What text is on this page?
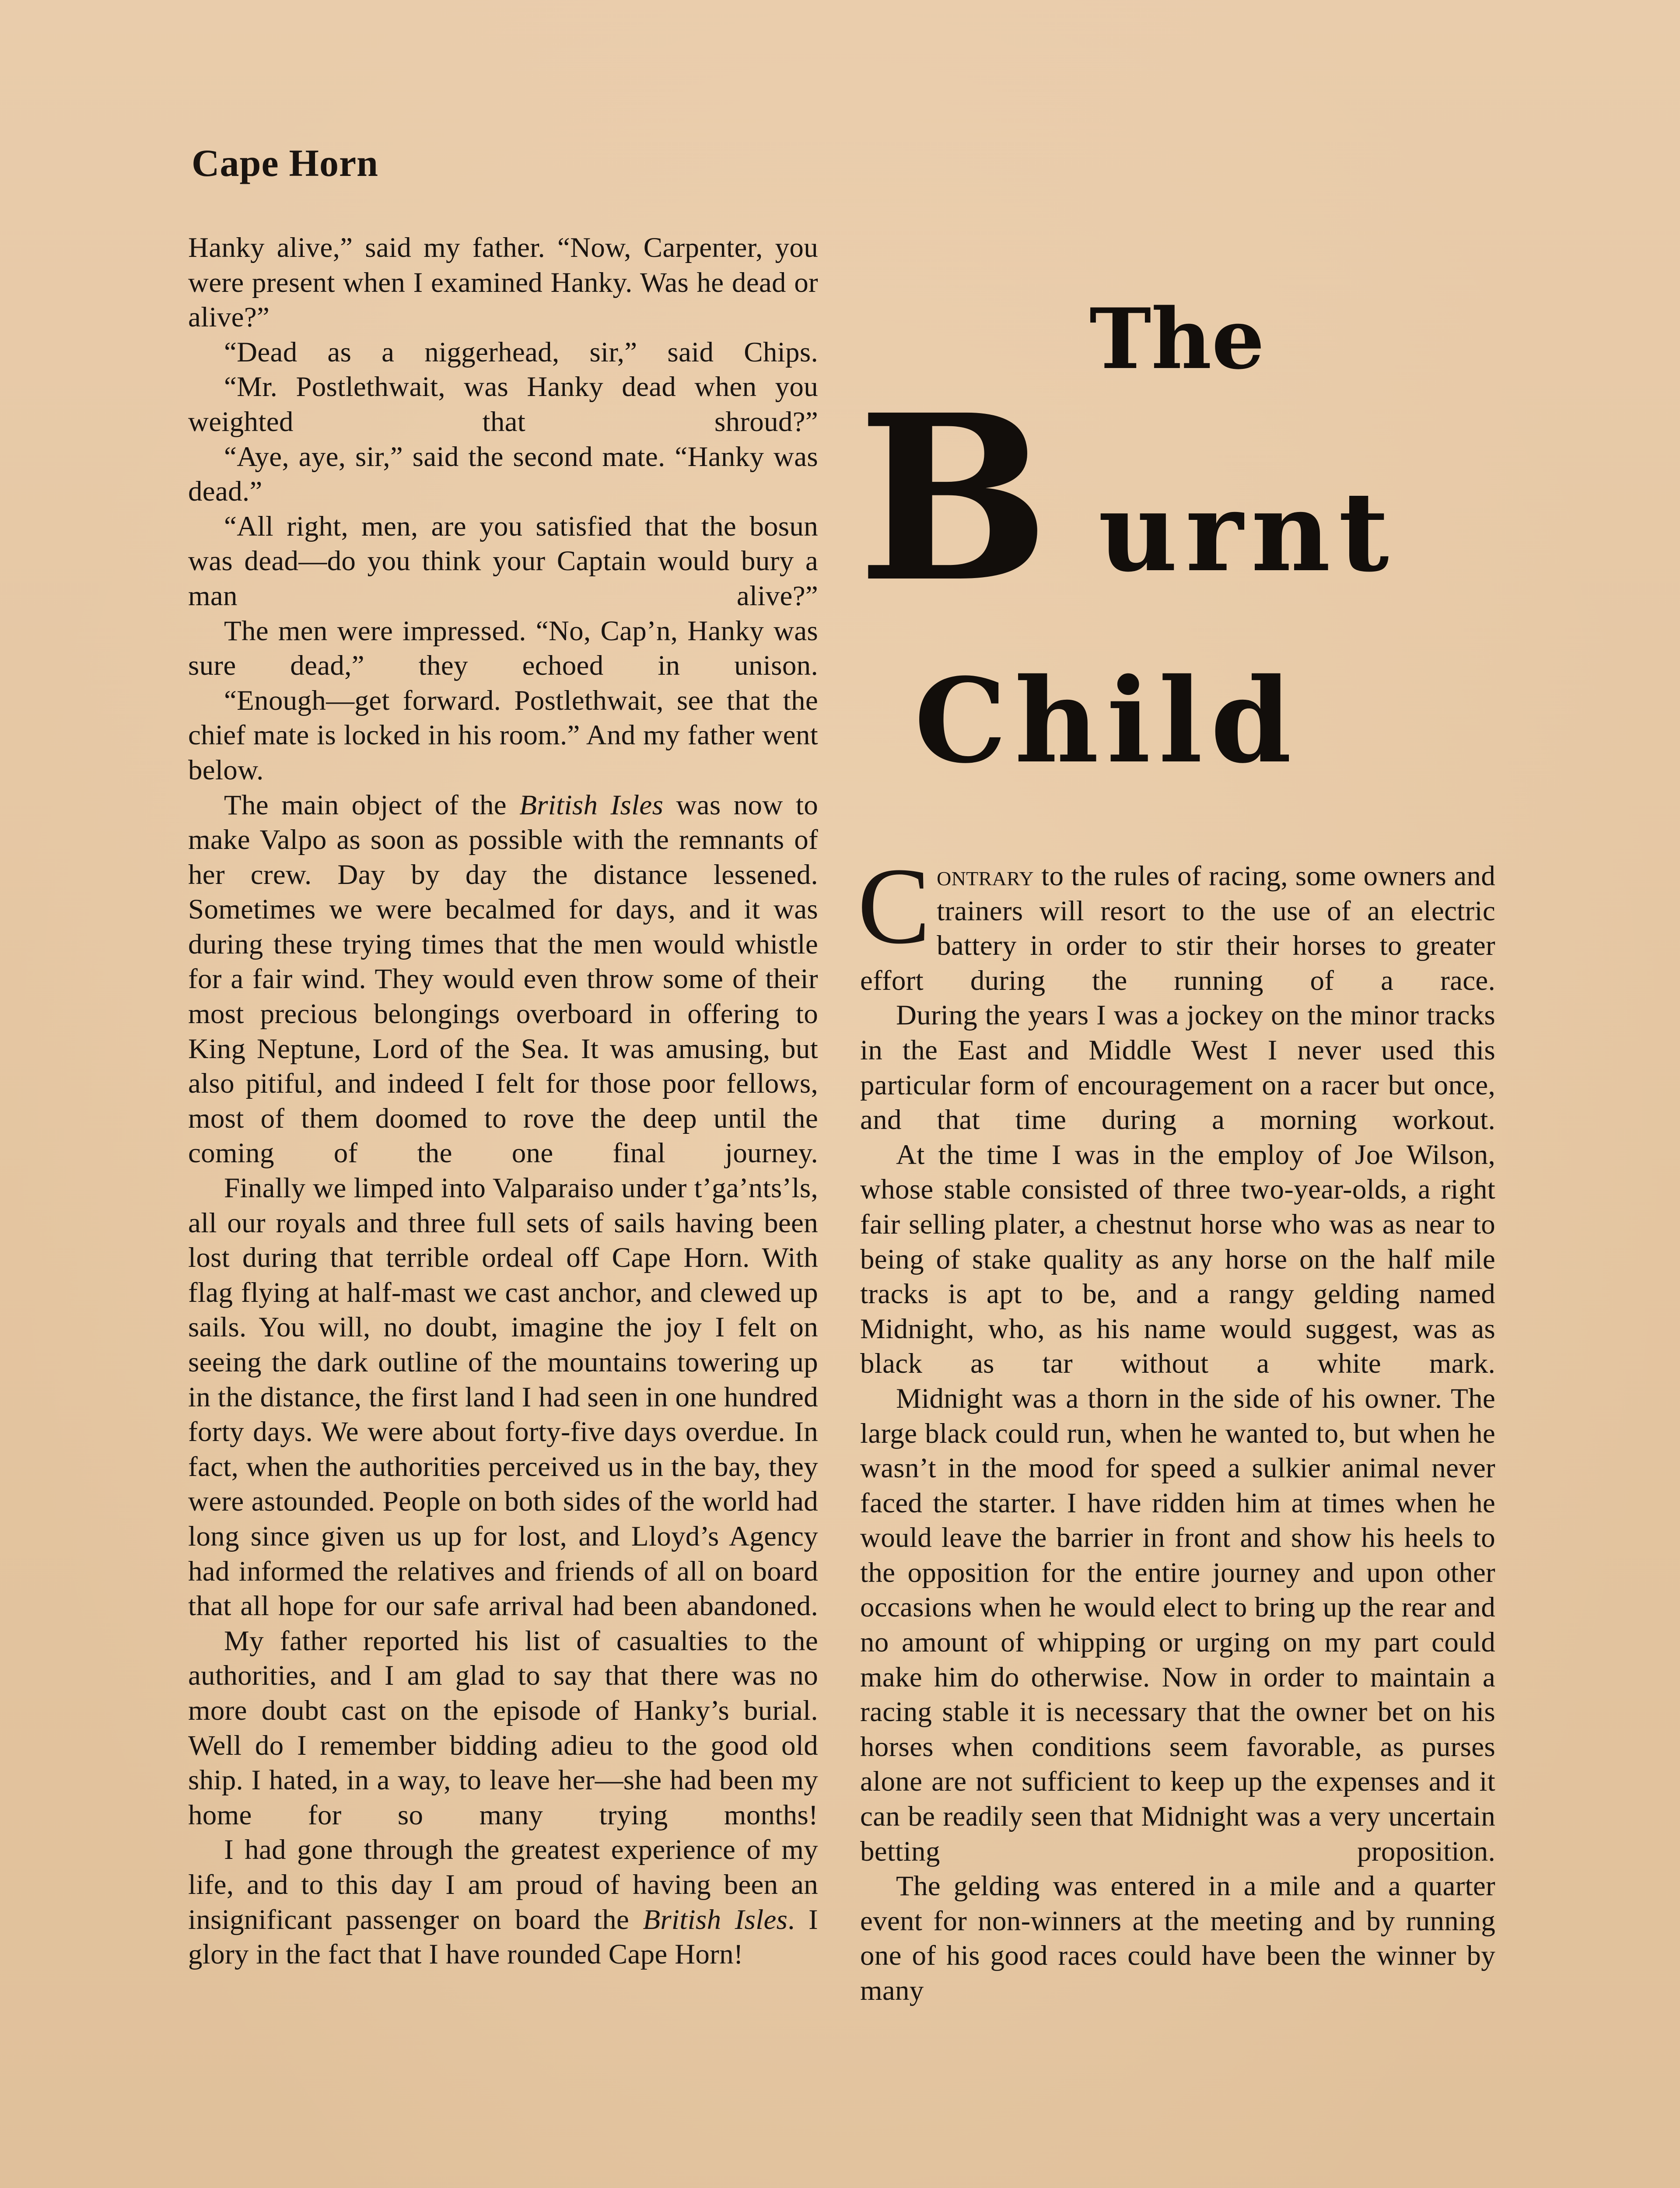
Cape Horn

Hanky alive,” said my father. “Now, Carpenter, you were present when I examined Hanky. Was he dead or alive?”

“Dead as a niggerhead, sir,” said Chips.

“Mr. Postlethwait, was Hanky dead when you weighted that shroud?”

“Aye, aye, sir,” said the second mate. “Hanky was dead.”

“All right, men, are you satisfied that the bosun was dead—do you think your Captain would bury a man alive?”

The men were impressed. “No, Cap’n, Hanky was sure dead,” they echoed in unison.

“Enough—get forward. Postlethwait, see that the chief mate is locked in his room.” And my father went below.

The main object of the British Isles was now to make Valpo as soon as possible with the remnants of her crew. Day by day the distance lessened. Sometimes we were becalmed for days, and it was during these trying times that the men would whistle for a fair wind. They would even throw some of their most precious belongings overboard in offering to King Neptune, Lord of the Sea. It was amusing, but also pitiful, and indeed I felt for those poor fellows, most of them doomed to rove the deep until the coming of the one final journey.

Finally we limped into Valparaiso under t’ga’nts’ls, all our royals and three full sets of sails having been lost during that terrible ordeal off Cape Horn. With flag flying at half-mast we cast anchor, and clewed up sails. You will, no doubt, imagine the joy I felt on seeing the dark outline of the mountains towering up in the distance, the first land I had seen in one hundred forty days. We were about forty-five days overdue. In fact, when the authorities perceived us in the bay, they were astounded. People on both sides of the world had long since given us up for lost, and Lloyd’s Agency had informed the relatives and friends of all on board that all hope for our safe arrival had been abandoned.

My father reported his list of casualties to the authorities, and I am glad to say that there was no more doubt cast on the episode of Hanky’s burial. Well do I remember bidding adieu to the good old ship. I hated, in a way, to leave her—she had been my home for so many trying months!

I had gone through the greatest experience of my life, and to this day I am proud of having been an insignificant passenger on board the British Isles. I glory in the fact that I have rounded Cape Horn!

The
B urnt
Child

Contrary to the rules of racing, some owners and trainers will resort to the use of an electric battery in order to stir their horses to greater effort during the running of a race.

During the years I was a jockey on the minor tracks in the East and Middle West I never used this particular form of encouragement on a racer but once, and that time during a morning workout.

At the time I was in the employ of Joe Wilson, whose stable consisted of three two-year-olds, a right fair selling plater, a chestnut horse who was as near to being of stake quality as any horse on the half mile tracks is apt to be, and a rangy gelding named Midnight, who, as his name would suggest, was as black as tar without a white mark.

Midnight was a thorn in the side of his owner. The large black could run, when he wanted to, but when he wasn’t in the mood for speed a sulkier animal never faced the starter. I have ridden him at times when he would leave the barrier in front and show his heels to the opposition for the entire journey and upon other occasions when he would elect to bring up the rear and no amount of whipping or urging on my part could make him do otherwise. Now in order to maintain a racing stable it is necessary that the owner bet on his horses when conditions seem favorable, as purses alone are not sufficient to keep up the expenses and it can be readily seen that Midnight was a very uncertain betting proposition.

The gelding was entered in a mile and a quarter event for non-winners at the meeting and by running one of his good races could have been the winner by many
